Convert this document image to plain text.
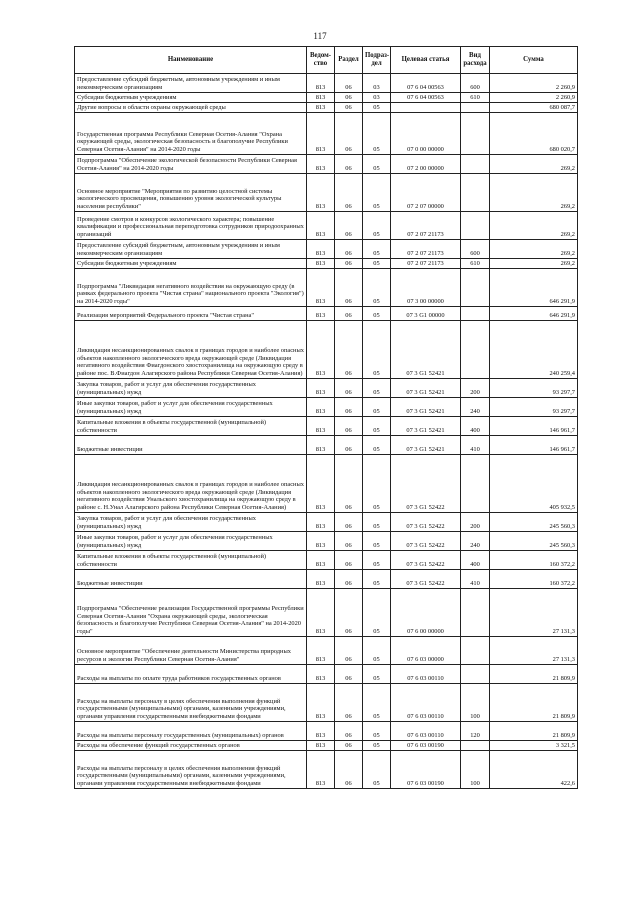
117
Наименование	Ведом-ство	Раздел	Подраз-дел	Целевая статья	Вид расхода	Сумма
Предоставление субсидий бюджетным, автономным учреждениям и иным некоммерческим организациям	813	06	03	07 6 04 00563	600	2 260,9
Субсидии бюджетным учреждениям	813	06	03	07 6 04 00563	610	2 260,9
Другие вопросы в области охраны окружающей среды	813	06	05			680 087,7
Государственная программа Республики Северная Осетия-Алания "Охрана окружающей среды, экологическая безопасность и благополучие Республики Северная Осетия-Алания" на 2014-2020 годы	813	06	05	07 0 00 00000		680 020,7
Подпрограмма "Обеспечение экологической безопасности Республики Северная Осетия-Алания" на 2014-2020 годы	813	06	05	07 2 00 00000		269,2
Основное мероприятие "Мероприятия по развитию целостной системы экологического просвещения, повышению уровня экологической культуры населения республики"	813	06	05	07 2 07 00000		269,2
Проведение смотров и конкурсов экологического характера; повышение квалификации и профессиональная переподготовка сотрудников природоохранных организаций	813	06	05	07 2 07 21173		269,2
Предоставление субсидий бюджетным, автономным учреждениям и иным некоммерческим организациям	813	06	05	07 2 07 21173	600	269,2
Субсидии бюджетным учреждениям	813	06	05	07 2 07 21173	610	269,2
Подпрограмма "Ликвидация негативного воздействия на окружающую среду (в рамках федерального проекта "Чистая страна" национального проекта "Экология") на 2014-2020 годы"	813	06	05	07 3 00 00000		646 291,9
Реализация мероприятий Федерального проекта "Чистая страна"	813	06	05	07 3 G1 00000		646 291,9
Ликвидация несанкционированных свалок в границах городов и наиболее опасных объектов накопленного экологического вреда окружающей среде (Ликвидация негативного воздействия Фиагдонского хвостохранилища на окружающую среду в районе пос. В.Фиагдон Алагирского района Республики Северная Осетия-Алания)	813	06	05	07 3 G1 52421		240 259,4
Закупка товаров, работ и услуг для обеспечения государственных (муниципальных) нужд	813	06	05	07 3 G1 52421	200	93 297,7
Иные закупки товаров, работ и услуг для обеспечения государственных (муниципальных) нужд	813	06	05	07 3 G1 52421	240	93 297,7
Капитальные вложения в объекты государственной (муниципальной) собственности	813	06	05	07 3 G1 52421	400	146 961,7
Бюджетные инвестиции	813	06	05	07 3 G1 52421	410	146 961,7
Ликвидация несанкционированных свалок в границах городов и наиболее опасных объектов накопленного экологического вреда окружающей среде (Ликвидация негативного воздействия Унальского хвостохранилища на окружающую среду в районе с. Н.Унал Алагирского района Республики Северная Осетия-Алания)	813	06	05	07 3 G1 52422		405 932,5
Закупка товаров, работ и услуг для обеспечения государственных (муниципальных) нужд	813	06	05	07 3 G1 52422	200	245 560,3
Иные закупки товаров, работ и услуг для обеспечения государственных (муниципальных) нужд	813	06	05	07 3 G1 52422	240	245 560,3
Капитальные вложения в объекты государственной (муниципальной) собственности	813	06	05	07 3 G1 52422	400	160 372,2
Бюджетные инвестиции	813	06	05	07 3 G1 52422	410	160 372,2
Подпрограмма "Обеспечение реализации Государственной программы Республики Северная Осетия-Алания "Охрана окружающей среды, экологическая безопасность и благополучие Республики Северная Осетия-Алания" на 2014-2020 годы"	813	06	05	07 6 00 00000		27 131,3
Основное мероприятие "Обеспечение деятельности Министерства природных ресурсов и экологии Республики Северная Осетия-Алания"	813	06	05	07 6 03 00000		27 131,3
Расходы на выплаты по оплате труда работников государственных органов	813	06	05	07 6 03 00110		21 809,9
Расходы на выплаты персоналу в целях обеспечения выполнения функций государственными (муниципальными) органами, казенными учреждениями, органами управления государственными внебюджетными фондами	813	06	05	07 6 03 00110	100	21 809,9
Расходы на выплаты персоналу государственных (муниципальных) органов	813	06	05	07 6 03 00110	120	21 809,9
Расходы на обеспечение функций государственных органов	813	06	05	07 6 03 00190		3 321,5
Расходы на выплаты персоналу в целях обеспечения выполнения функций государственными (муниципальными) органами, казенными учреждениями, органами управления государственными внебюджетными фондами	813	06	05	07 6 03 00190	100	422,6
